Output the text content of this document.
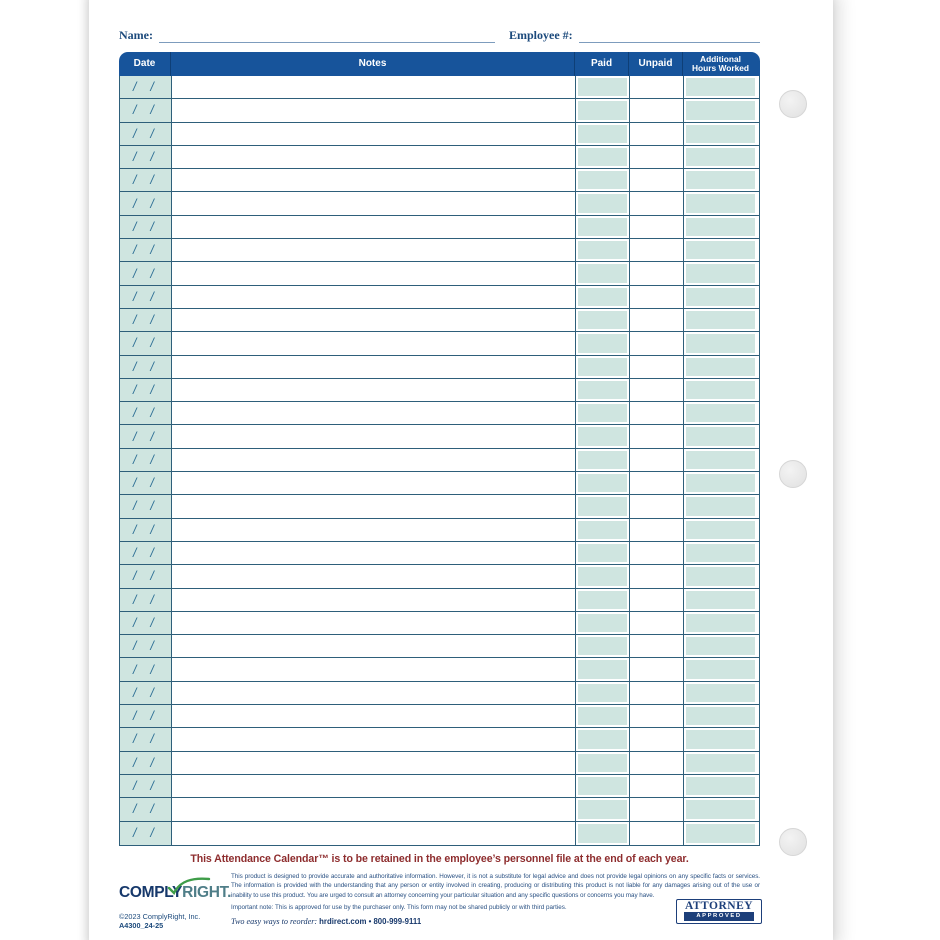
Name:	Employee #:
Date	Notes	Paid	Unpaid	Additional
Hours Worked
/    /
/    /
/    /
/    /
/    /
/    /
/    /
/    /
/    /
/    /
/    /
/    /
/    /
/    /
/    /
/    /
/    /
/    /
/    /
/    /
/    /
/    /
/    /
/    /
/    /
/    /
/    /
/    /
/    /
/    /
/    /
/    /
/    /
This Attendance Calendar™ is to be retained in the employee’s personnel file at the end of each year.
COMPLYRIGHT.
©2023 ComplyRight, Inc.
A4300_24-25
This product is designed to provide accurate and authoritative information. However, it is not a substitute for legal advice and does not provide legal opinions on any specific facts or services. The information is provided with the understanding that any person or entity involved in creating, producing or distributing this product is not liable for any damages arising out of the use or inability to use this product. You are urged to consult an attorney concerning your particular situation and any specific questions or concerns you may have.
Important note: This is approved for use by the purchaser only. This form may not be shared publicly or with third parties.
Two easy ways to reorder: hrdirect.com • 800-999-9111
ATTORNEY
APPROVED
